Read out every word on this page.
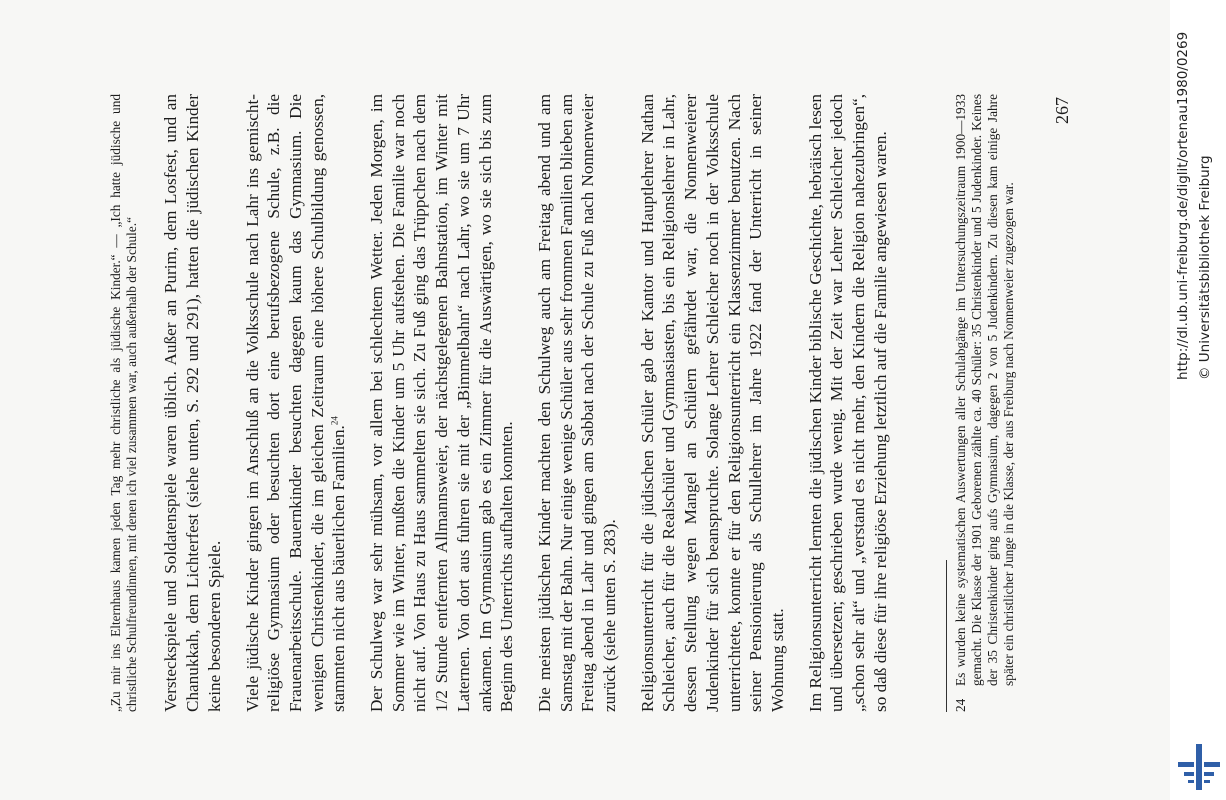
„Zu mir ins Elternhaus kamen jeden Tag mehr christliche als jüdische Kinder.“ — „Ich hatte jüdische und christliche Schulfreundinnen, mit denen ich viel zusammen war, auch außerhalb der Schule.“ Versteckspiele und Soldatenspiele waren üblich. Außer an Purim, dem Losfest, und an Chanukkah, dem Lichterfest (siehe unten, S. 292 und 291), hatten die jüdischen Kinder keine besonderen Spiele. Viele jüdische Kinder gingen im Anschluß an die Volksschule nach Lahr ins gemischt-religiöse Gymnasium oder besuchten dort eine berufsbezogene Schule, z.B. die Frauenarbeitsschule. Bauernkinder besuchten dagegen kaum das Gymnasium. Die wenigen Christenkinder, die im gleichen Zeitraum eine höhere Schulbildung genossen, stammten nicht aus bäuerlichen Familien.$^{24}$	Der Schulweg war sehr mühsam, vor allem bei schlechtem Wetter. Jeden Morgen, im Sommer wie im Winter, mußten die Kinder um 5 Uhr aufstehen. Die Familie war noch nicht auf. Von Haus zu Haus sammelten sie sich. Zu Fuß ging das Trüppchen nach dem 1/2 Stunde entfernten Allmannsweier, der nächstgelegenen Bahnstation, im Winter mit Laternen. Von dort aus fuhren sie mit der „Bimmelbahn“ nach Lahr, wo sie um 7 Uhr ankamen. Im Gymnasium gab es ein Zimmer für die Auswärtigen, wo sie sich bis zum Beginn des Unterrichts aufhalten konnten. Die meisten jüdischen Kinder machten den Schulweg auch am Freitag abend und am Samstag mit der Bahn. Nur einige wenige Schüler aus sehr frommen Familien blieben am Freitag abend in Lahr und gingen am Sabbat nach der Schule zu Fuß nach Nonnenweier zurück (siehe unten S. 283). Religionsunterricht für die jüdischen Schüler gab der Kantor und Hauptlehrer Nathan Schleicher, auch für die Realschüler und Gymnasiasten, bis ein Religionslehrer in Lahr, dessen Stellung wegen Mangel an Schülern gefährdet war, die Nonnenweierer Judenkinder für sich beanspruchte. Solange Lehrer Schleicher noch in der Volksschule unterrichtete, konnte er für den Religionsunterricht ein Klassenzimmer benutzen. Nach seiner Pensionierung als Schullehrer im Jahre 1922 fand der Unterricht in seiner Wohnung statt. Im Religionsunterricht lernten die jüdischen Kinder biblische Geschichte, hebräisch lesen und übersetzen; geschrieben wurde wenig. Mit der Zeit war Lehrer Schleicher jedoch „schon sehr alt“ und „verstand es nicht mehr, den Kindern die Religion nahezubringen“, so daß diese für ihre religiöse Erziehung letztlich auf die Familie angewiesen waren.	24
Es wurden keine systematischen Auswertungen aller Schulabgänge im Untersuchungszeitraum 1900—1933 gemacht. Die Klasse der 1901 Geborenen zählte ca. 40 Schüler: 35 Christenkinder und 5 Judenkinder. Keines der 35 Christenkinder ging aufs Gymnasium, dagegen 2 von 5 Judenkindern. Zu diesen kam einige Jahre später ein christlicher Junge in die Klasse, der aus Freiburg nach Nonnenweier zugezogen war.
267	http://dl.ub.uni-freiburg.de/diglit/ortenau1980/0269 © Universitätsbibliothek Freiburg
